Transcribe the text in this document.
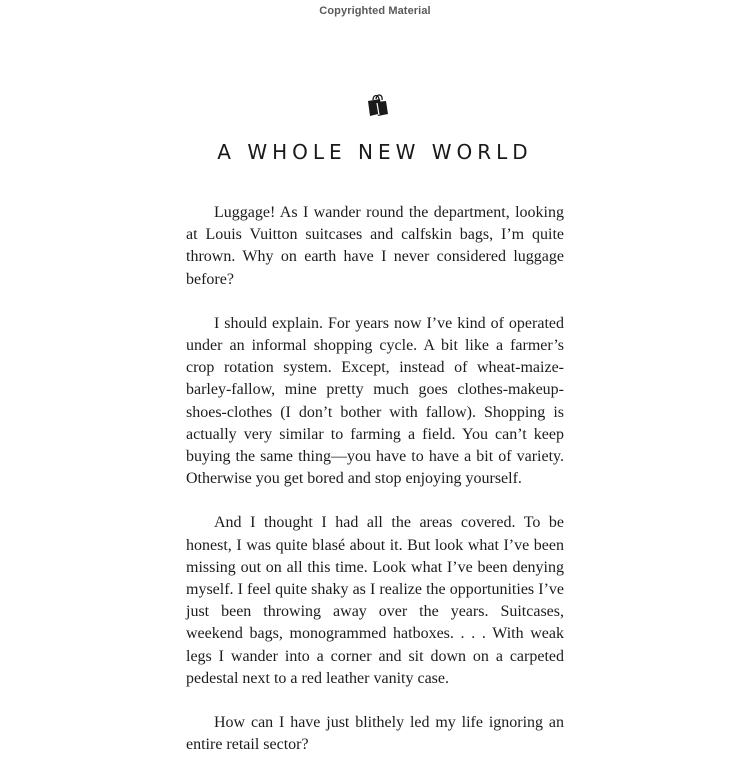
Copyrighted Material
A WHOLE NEW WORLD

Luggage! As I wander round the department, looking at Louis Vuitton suitcases and calfskin bags, I’m quite thrown. Why on earth have I never considered luggage before?

I should explain. For years now I’ve kind of operated under an informal shopping cycle. A bit like a farmer’s crop rotation system. Except, instead of wheat-maize-barley-fallow, mine pretty much goes clothes-makeup-shoes-clothes (I don’t bother with fallow). Shopping is actually very similar to farming a field. You can’t keep buying the same thing—you have to have a bit of variety. Otherwise you get bored and stop enjoying yourself.

And I thought I had all the areas covered. To be honest, I was quite blasé about it. But look what I’ve been missing out on all this time. Look what I’ve been denying myself. I feel quite shaky as I realize the opportunities I’ve just been throwing away over the years. Suitcases, weekend bags, monogrammed hatboxes. . . . With weak legs I wander into a corner and sit down on a carpeted pedestal next to a red leather vanity case.

How can I have just blithely led my life ignoring an entire retail sector?
